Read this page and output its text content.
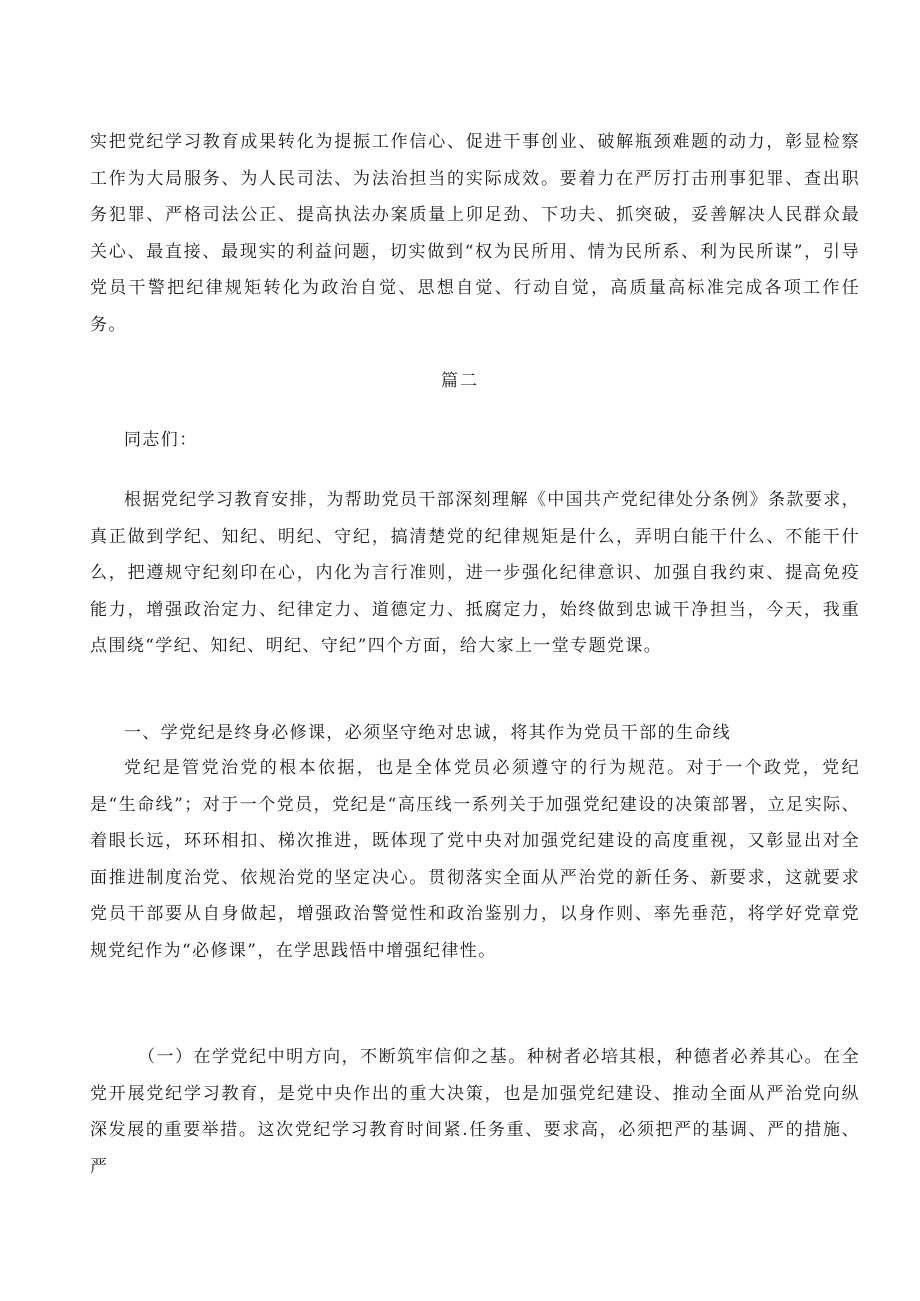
实把党纪学习教育成果转化为提振工作信心、促进干事创业、破解瓶颈难题的动力，彰显检察工作为大局服务、为人民司法、为法治担当的实际成效。要着力在严厉打击刑事犯罪、查出职务犯罪、严格司法公正、提高执法办案质量上卯足劲、下功夫、抓突破，妥善解决人民群众最关心、最直接、最现实的利益问题，切实做到“权为民所用、情为民所系、利为民所谋”，引导党员干警把纪律规矩转化为政治自觉、思想自觉、行动自觉，高质量高标准完成各项工作任务。

篇二

同志们：

根据党纪学习教育安排，为帮助党员干部深刻理解《中国共产党纪律处分条例》条款要求，真正做到学纪、知纪、明纪、守纪，搞清楚党的纪律规矩是什么，弄明白能干什么、不能干什么，把遵规守纪刻印在心，内化为言行准则，进一步强化纪律意识、加强自我约束、提高免疫能力，增强政治定力、纪律定力、道德定力、抵腐定力，始终做到忠诚干净担当，今天，我重点围绕“学纪、知纪、明纪、守纪”四个方面，给大家上一堂专题党课。

一、学党纪是终身必修课，必须坚守绝对忠诚，将其作为党员干部的生命线

党纪是管党治党的根本依据，也是全体党员必须遵守的行为规范。对于一个政党，党纪是“生命线”；对于一个党员，党纪是“高压线一系列关于加强党纪建设的决策部署，立足实际、着眼长远，环环相扣、梯次推进，既体现了党中央对加强党纪建设的高度重视，又彰显出对全面推进制度治党、依规治党的坚定决心。贯彻落实全面从严治党的新任务、新要求，这就要求党员干部要从自身做起，增强政治警觉性和政治鉴别力，以身作则、率先垂范，将学好党章党规党纪作为“必修课”，在学思践悟中增强纪律性。

（一）在学党纪中明方向，不断筑牢信仰之基。种树者必培其根，种德者必养其心。在全党开展党纪学习教育，是党中央作出的重大决策，也是加强党纪建设、推动全面从严治党向纵深发展的重要举措。这次党纪学习教育时间紧.任务重、要求高，必须把严的基调、严的措施、严
